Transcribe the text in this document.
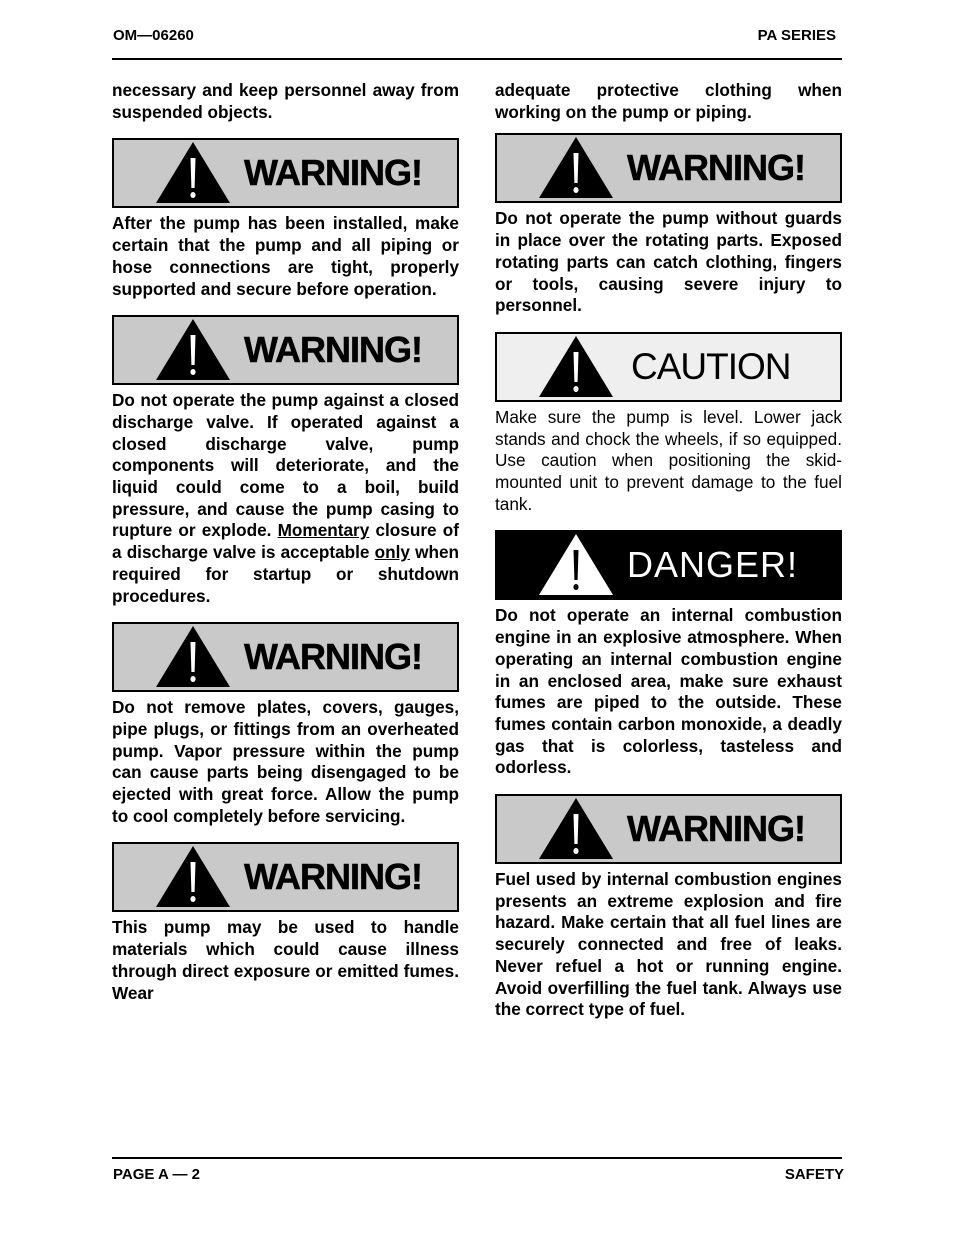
OM—06260	PA SERIES

necessary and keep personnel away from suspended objects.

WARNING!

After the pump has been installed, make certain that the pump and all piping or hose connections are tight, properly supported and secure before operation.

WARNING!

Do not operate the pump against a closed discharge valve. If operated against a closed discharge valve, pump components will deteriorate, and the liquid could come to a boil, build pressure, and cause the pump casing to rupture or explode. Momentary closure of a discharge valve is acceptable only when required for startup or shutdown procedures.

WARNING!

Do not remove plates, covers, gauges, pipe plugs, or fittings from an overheated pump. Vapor pressure within the pump can cause parts being disengaged to be ejected with great force. Allow the pump to cool completely before servicing.

WARNING!

This pump may be used to handle materials which could cause illness through direct exposure or emitted fumes. Wear

adequate protective clothing when working on the pump or piping.

WARNING!

Do not operate the pump without guards in place over the rotating parts. Exposed rotating parts can catch clothing, fingers or tools, causing severe injury to personnel.

CAUTION

Make sure the pump is level. Lower jack stands and chock the wheels, if so equipped. Use caution when positioning the skid-mounted unit to prevent damage to the fuel tank.

DANGER!

Do not operate an internal combustion engine in an explosive atmosphere. When operating an internal combustion engine in an enclosed area, make sure exhaust fumes are piped to the outside. These fumes contain carbon monoxide, a deadly gas that is colorless, tasteless and odorless.

WARNING!

Fuel used by internal combustion engines presents an extreme explosion and fire hazard. Make certain that all fuel lines are securely connected and free of leaks. Never refuel a hot or running engine. Avoid overfilling the fuel tank. Always use the correct type of fuel.

PAGE A — 2	SAFETY
